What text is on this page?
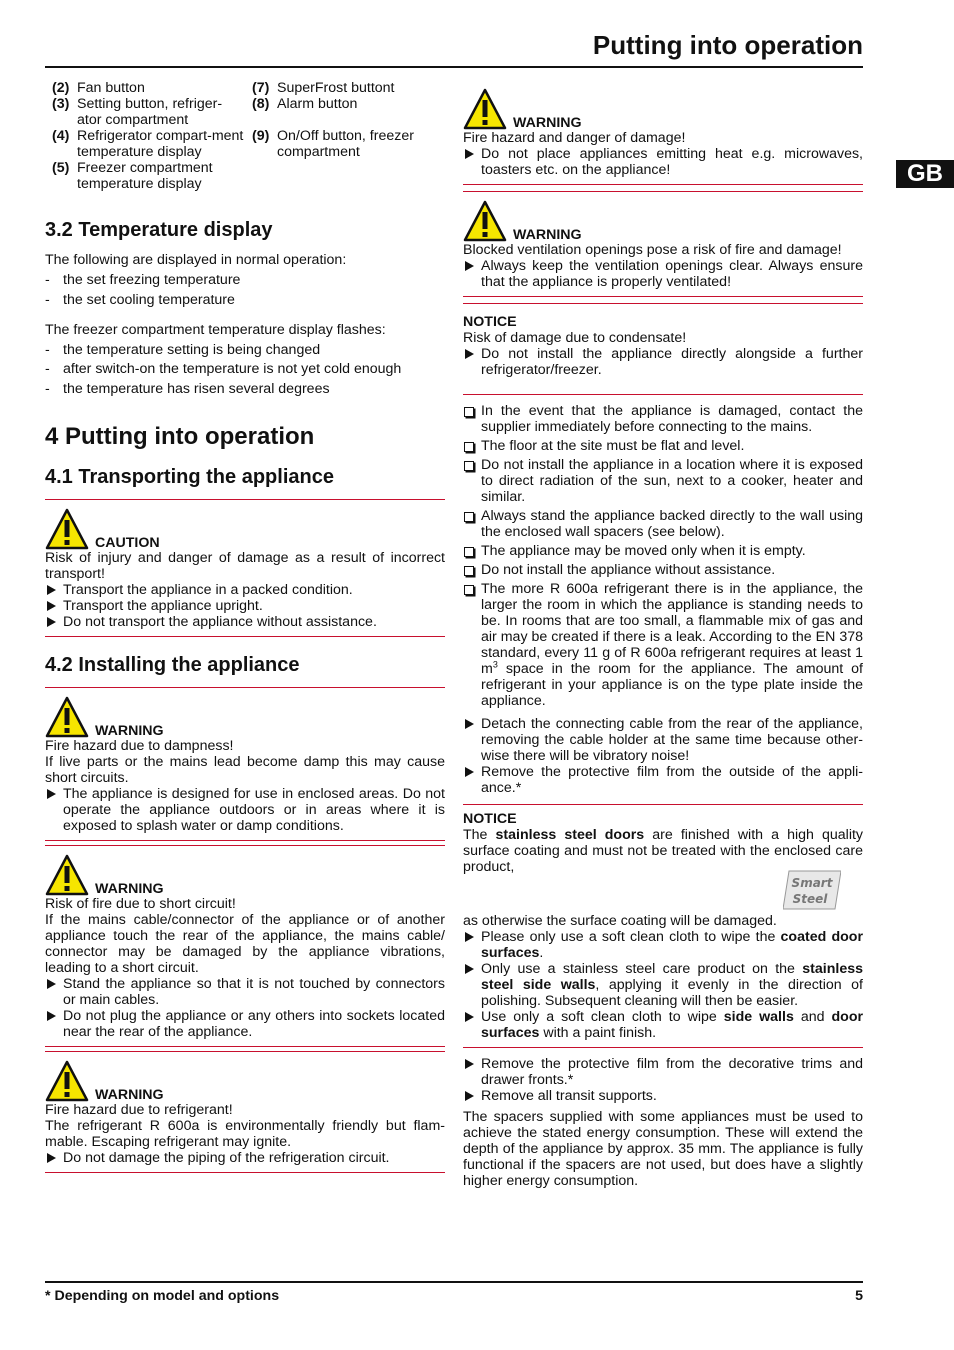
Putting into operation
GB
(2) Fan button
(3) Setting button, refriger-ator compartment
(4) Refrigerator compart-ment temperature display
(5) Freezer compartment temperature display
(7) SuperFrost buttont
(8) Alarm button
(9) On/Off button, freezer compartment
3.2 Temperature display

The following are displayed in normal operation:

- the set freezing temperature
- the set cooling temperature

The freezer compartment temperature display flashes:

- the temperature setting is being changed
- after switch-on the temperature is not yet cold enough
- the temperature has risen several degrees
4 Putting into operation
4.1 Transporting the appliance
CAUTION

Risk of injury and danger of damage as a result of incorrect transport!

Transport the appliance in a packed condition.
Transport the appliance upright.
Do not transport the appliance without assistance.
4.2 Installing the appliance
WARNING

Fire hazard due to dampness!

If live parts or the mains lead become damp this may cause short circuits.

The appliance is designed for use in enclosed areas. Do not operate the appliance outdoors or in areas where it is exposed to splash water or damp conditions.
WARNING

Risk of fire due to short circuit!

If the mains cable/connector of the appliance or of another appliance touch the rear of the appliance, the mains cable/ connector may be damaged by the appliance vibrations, leading to a short circuit.

Stand the appliance so that it is not touched by connectors or main cables.
Do not plug the appliance or any others into sockets located near the rear of the appliance.
WARNING

Fire hazard due to refrigerant!

The refrigerant R 600a is environmentally friendly but flam-mable. Escaping refrigerant may ignite.

Do not damage the piping of the refrigeration circuit.
WARNING

Fire hazard and danger of damage!

Do not place appliances emitting heat e.g. microwaves, toasters etc. on the appliance!
WARNING

Blocked ventilation openings pose a risk of fire and damage!

Always keep the ventilation openings clear. Always ensure that the appliance is properly ventilated!

NOTICE

Risk of damage due to condensate!

Do not install the appliance directly alongside a further refrigerator/freezer.
In the event that the appliance is damaged, contact the supplier immediately before connecting to the mains.
The floor at the site must be flat and level.
Do not install the appliance in a location where it is exposed to direct radiation of the sun, next to a cooker, heater and similar.
Always stand the appliance backed directly to the wall using the enclosed wall spacers (see below).
The appliance may be moved only when it is empty.
Do not install the appliance without assistance.
The more R 600a refrigerant there is in the appliance, the larger the room in which the appliance is standing needs to be. In rooms that are too small, a flammable mix of gas and air may be created if there is a leak. According to the EN 378 standard, every 11 g of R 600a refrigerant requires at least 1 $m^3$ space in the room for the appliance. The amount of refrigerant in your appliance is on the type plate inside the appliance.
Detach the connecting cable from the rear of the appliance, removing the cable holder at the same time because other-wise there will be vibratory noise!
Remove the protective film from the outside of the appli-ance.*

NOTICE

The stainless steel doors are finished with a high quality surface coating and must not be treated with the enclosed care product,

Smart
Steel

as otherwise the surface coating will be damaged.

Please only use a soft clean cloth to wipe the coated door surfaces.
Only use a stainless steel care product on the stainless steel side walls, applying it evenly in the direction of polishing. Subsequent cleaning will then be easier.
Use only a soft clean cloth to wipe side walls and door surfaces with a paint finish.
Remove the protective film from the decorative trims and drawer fronts.*
Remove all transit supports.

The spacers supplied with some appliances must be used to achieve the stated energy consumption. These will extend the depth of the appliance by approx. 35 mm. The appliance is fully functional if the spacers are not used, but does have a slightly higher energy consumption.

* Depending on model and options	5
